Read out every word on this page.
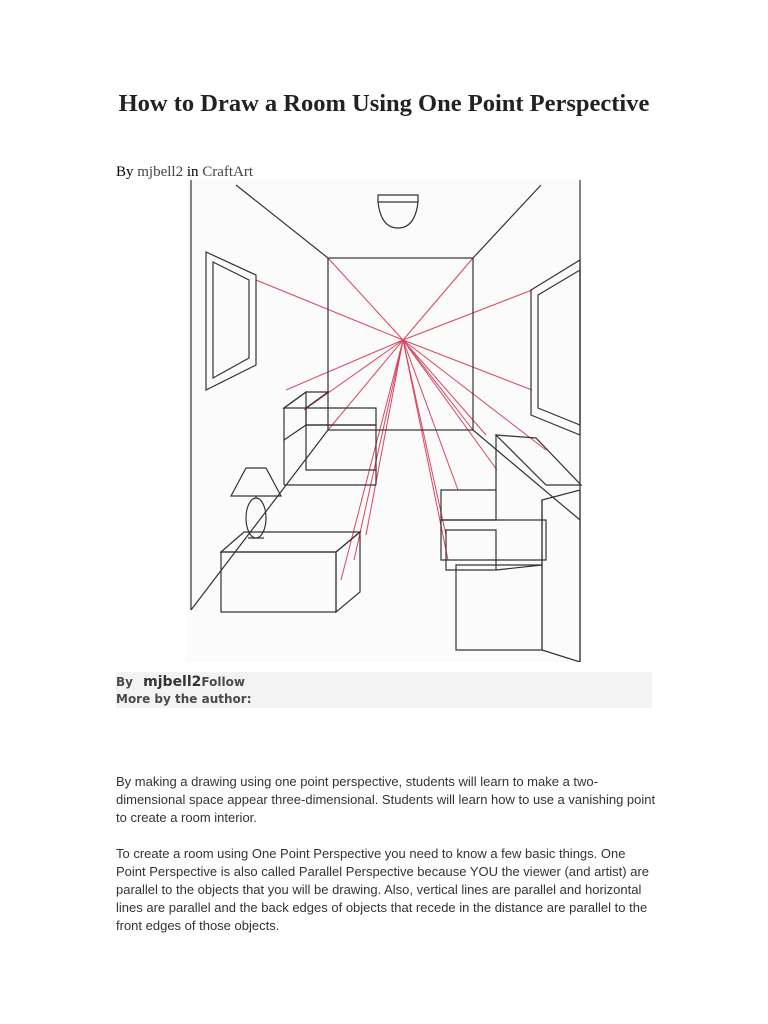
How to Draw a Room Using One Point Perspective
By mjbell2 in CraftArt
By mjbell2Follow
More by the author:
By making a drawing using one point perspective, students will learn to make a two-dimensional space appear three-dimensional. Students will learn how to use a vanishing point to create a room interior.
To create a room using One Point Perspective you need to know a few basic things. One Point Perspective is also called Parallel Perspective because YOU the viewer (and artist) are parallel to the objects that you will be drawing. Also, vertical lines are parallel and horizontal lines are parallel and the back edges of objects that recede in the distance are parallel to the front edges of those objects.
